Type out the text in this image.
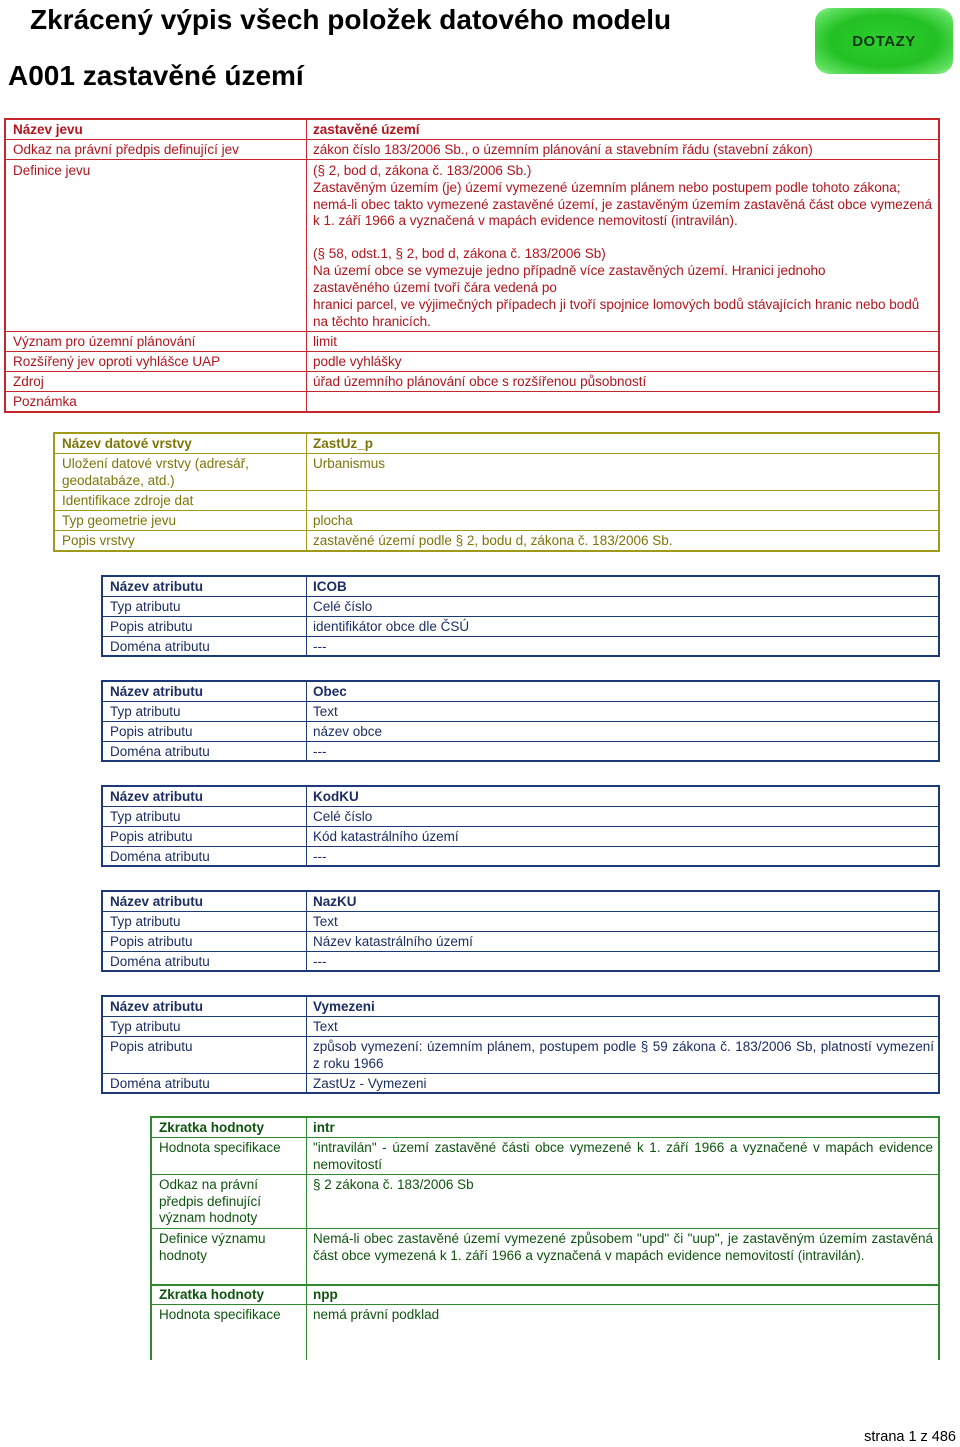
Zkrácený výpis všech položek datového modelu
A001 zastavěné území
DOTAZY
Název jevu	zastavěné území
Odkaz na právní předpis definující jev	zákon číslo 183/2006 Sb., o územním plánování a stavebním řádu (stavební zákon)
Definice jevu	(§ 2, bod d, zákona č. 183/2006 Sb.)
Zastavěným územím (je) území vymezené územním plánem nebo postupem podle tohoto zákona; nemá-li obec takto vymezené zastavěné území, je zastavěným územím zastavěná část obce vymezená k 1. září 1966 a vyznačená v mapách evidence nemovitostí (intravilán).
(§ 58, odst.1, § 2, bod d, zákona č. 183/2006 Sb)
Na území obce se vymezuje jedno případně více zastavěných území. Hranici jednoho zastavěného území tvoří čára vedená po
hranici parcel, ve výjimečných případech ji tvoří spojnice lomových bodů stávajících hranic nebo bodů na těchto hranicích.
Význam pro územní plánování	limit
Rozšířený jev oproti vyhlášce UAP	podle vyhlášky
Zdroj	úřad územního plánování obce s rozšířenou působností
Poznámka
Název datové vrstvy	ZastUz_p
Uložení datové vrstvy (adresář, geodatabáze, atd.)
Urbanismus
Identifikace zdroje dat
Typ geometrie jevu	plocha
Popis vrstvy	zastavěné území podle § 2, bodu d, zákona č. 183/2006 Sb.
Název atributu	ICOB
Typ atributu	Celé číslo
Popis atributu	identifikátor obce dle ČSÚ
Doména atributu	---
Název atributu	Obec
Typ atributu	Text
Popis atributu	název obce
Doména atributu	---
Název atributu	KodKU
Typ atributu	Celé číslo
Popis atributu	Kód katastrálního území
Doména atributu	---
Název atributu	NazKU
Typ atributu	Text
Popis atributu	Název katastrálního území
Doména atributu	---
Název atributu	Vymezeni
Typ atributu	Text
Popis atributu	způsob vymezení: územním plánem, postupem podle § 59 zákona č. 183/2006 Sb, platností vymezení z roku 1966
Doména atributu	ZastUz - Vymezeni
Zkratka hodnoty	intr
Hodnota specifikace "intravilán" - území zastavěné části obce vymezené k 1. září 1966 a vyznačené v mapách evidence nemovitostí
Odkaz na právní předpis definující význam hodnoty
§ 2 zákona č. 183/2006 Sb
Definice významu hodnoty
Nemá-li obec zastavěné území vymezené způsobem "upd" či "uup", je zastavěným územím zastavěná část obce vymezená k 1. září 1966 a vyznačená v mapách evidence nemovitostí (intravilán).
Zkratka hodnoty	npp
Hodnota specifikace nemá právní podklad
strana 1 z 486
